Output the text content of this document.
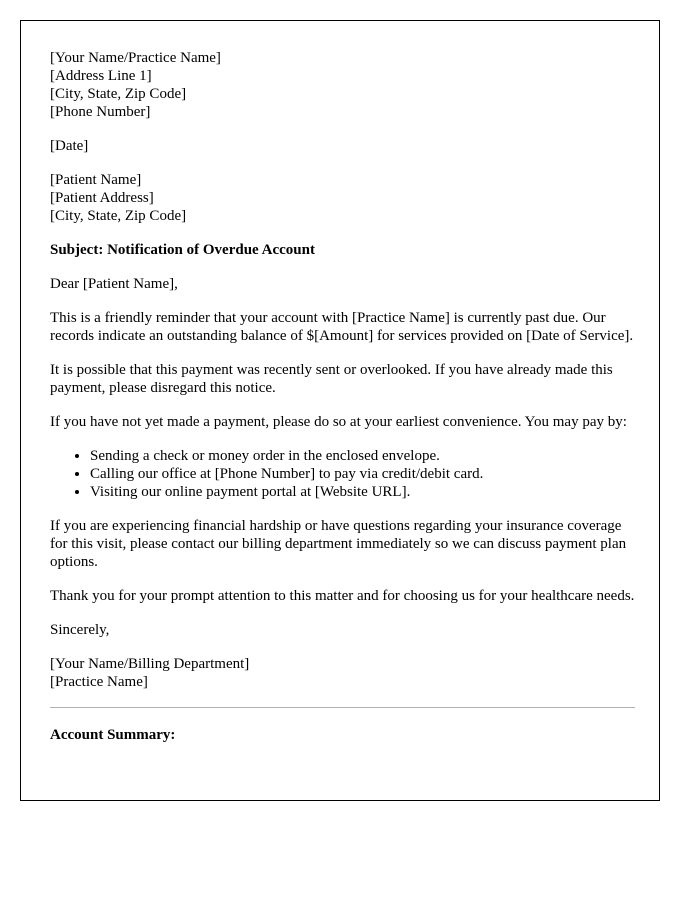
[Your Name/Practice Name]
[Address Line 1]
[City, State, Zip Code]
[Phone Number]
[Date]
[Patient Name]
[Patient Address]
[City, State, Zip Code]

Subject: Notification of Overdue Account

Dear [Patient Name],

This is a friendly reminder that your account with [Practice Name] is currently past due. Our records indicate an outstanding balance of $[Amount] for services provided on [Date of Service].

It is possible that this payment was recently sent or overlooked. If you have already made this payment, please disregard this notice.

If you have not yet made a payment, please do so at your earliest convenience. You may pay by:

• Sending a check or money order in the enclosed envelope.
• Calling our office at [Phone Number] to pay via credit/debit card.
• Visiting our online payment portal at [Website URL].

If you are experiencing financial hardship or have questions regarding your insurance coverage for this visit, please contact our billing department immediately so we can discuss payment plan options.

Thank you for your prompt attention to this matter and for choosing us for your healthcare needs.

Sincerely,

[Your Name/Billing Department]
[Practice Name]
Account Summary:
